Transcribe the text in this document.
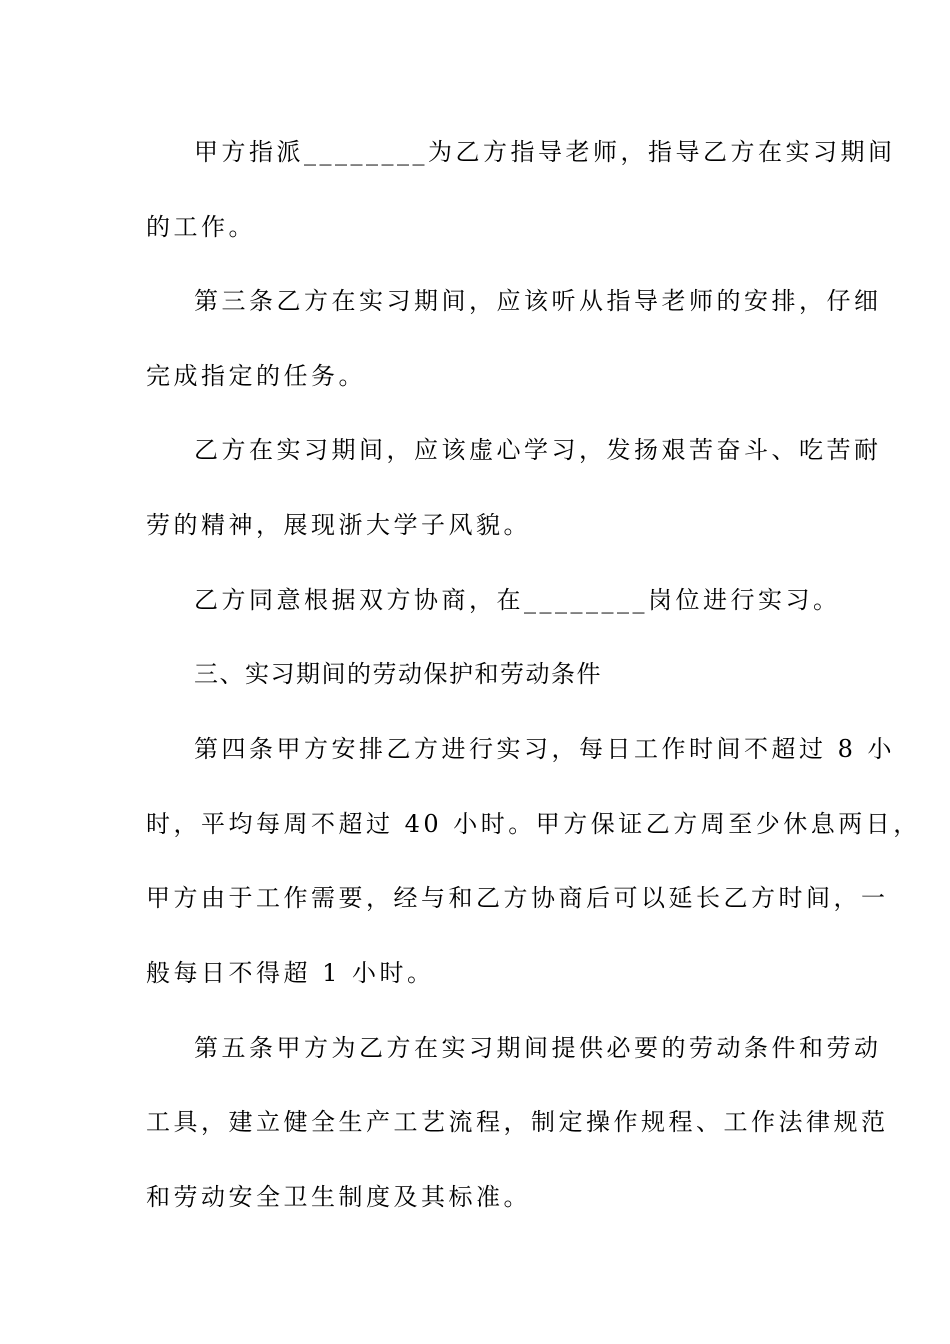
甲方指派________为乙方指导老师，指导乙方在实习期间
的工作。
第三条乙方在实习期间，应该听从指导老师的安排，仔细
完成指定的任务。
乙方在实习期间，应该虚心学习，发扬艰苦奋斗、吃苦耐
劳的精神，展现浙大学子风貌。
乙方同意根据双方协商，在________岗位进行实习。
三、实习期间的劳动保护和劳动条件
第四条甲方安排乙方进行实习，每日工作时间不超过 8 小
时，平均每周不超过 40 小时。甲方保证乙方周至少休息两日，
甲方由于工作需要，经与和乙方协商后可以延长乙方时间，一
般每日不得超 1 小时。
第五条甲方为乙方在实习期间提供必要的劳动条件和劳动
工具，建立健全生产工艺流程，制定操作规程、工作法律规范
和劳动安全卫生制度及其标准。
